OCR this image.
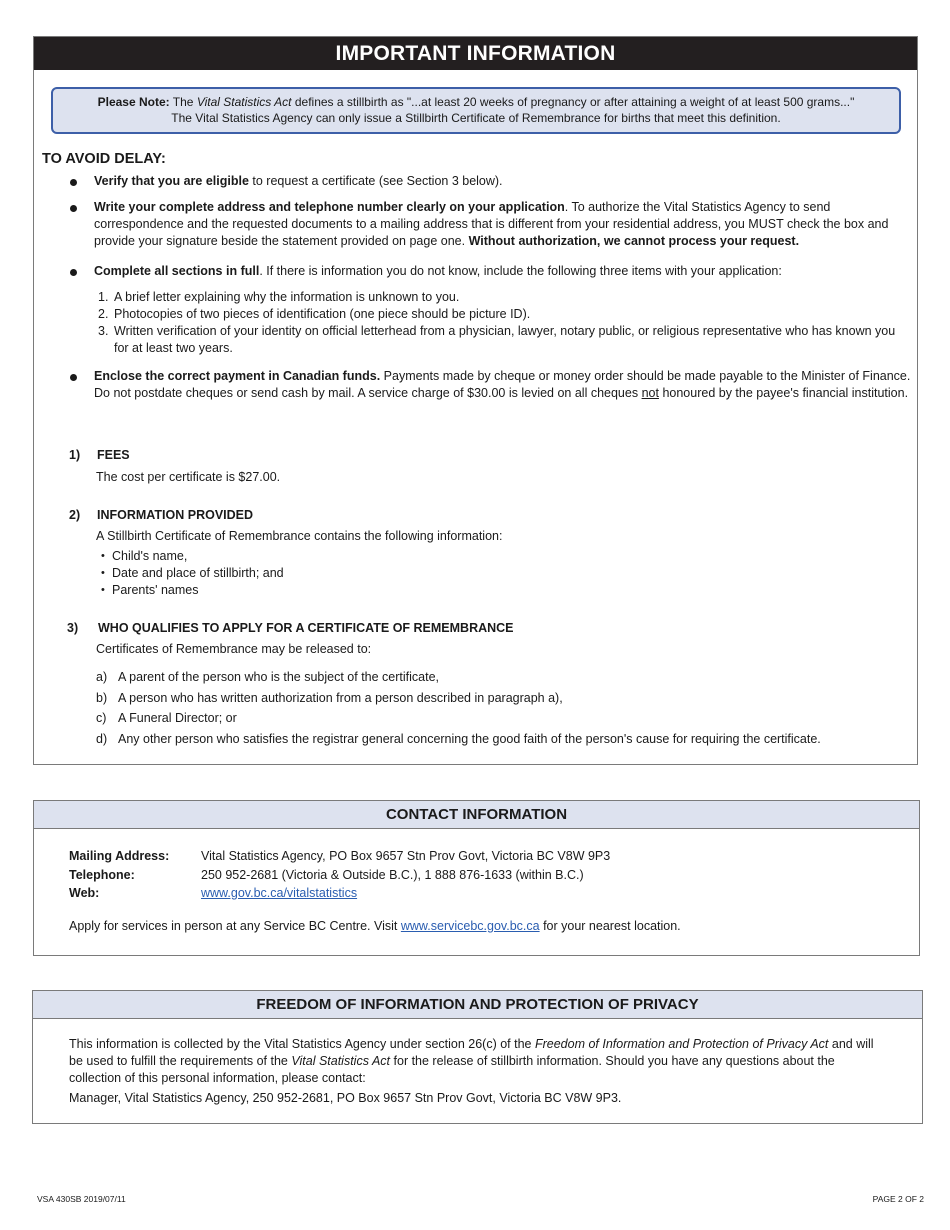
IMPORTANT INFORMATION
Please Note: The Vital Statistics Act defines a stillbirth as "...at least 20 weeks of pregnancy or after attaining a weight of at least 500 grams..."
The Vital Statistics Agency can only issue a Stillbirth Certificate of Remembrance for births that meet this definition.
TO AVOID DELAY:
Verify that you are eligible to request a certificate (see Section 3 below).
Write your complete address and telephone number clearly on your application. To authorize the Vital Statistics Agency to send correspondence and the requested documents to a mailing address that is different from your residential address, you MUST check the box and provide your signature beside the statement provided on page one. Without authorization, we cannot process your request.
Complete all sections in full. If there is information you do not know, include the following three items with your application:
1. A brief letter explaining why the information is unknown to you.
2. Photocopies of two pieces of identification (one piece should be picture ID).
3. Written verification of your identity on official letterhead from a physician, lawyer, notary public, or religious representative who has known you for at least two years.
Enclose the correct payment in Canadian funds. Payments made by cheque or money order should be made payable to the Minister of Finance. Do not postdate cheques or send cash by mail. A service charge of $30.00 is levied on all cheques not honoured by the payee's financial institution.
1) FEES
The cost per certificate is $27.00.
2) INFORMATION PROVIDED
A Stillbirth Certificate of Remembrance contains the following information:
• Child's name,
• Date and place of stillbirth; and
• Parents' names
3) WHO QUALIFIES TO APPLY FOR A CERTIFICATE OF REMEMBRANCE
Certificates of Remembrance may be released to:
a) A parent of the person who is the subject of the certificate,
b) A person who has written authorization from a person described in paragraph a),
c) A Funeral Director; or
d) Any other person who satisfies the registrar general concerning the good faith of the person's cause for requiring the certificate.
CONTACT INFORMATION
Mailing Address:	Vital Statistics Agency, PO Box 9657 Stn Prov Govt, Victoria BC V8W 9P3
Telephone:	250 952-2681 (Victoria & Outside B.C.), 1 888 876-1633 (within B.C.)
Web:	www.gov.bc.ca/vitalstatistics
Apply for services in person at any Service BC Centre. Visit www.servicebc.gov.bc.ca for your nearest location.
FREEDOM OF INFORMATION AND PROTECTION OF PRIVACY
This information is collected by the Vital Statistics Agency under section 26(c) of the Freedom of Information and Protection of Privacy Act and will be used to fulfill the requirements of the Vital Statistics Act for the release of stillbirth information. Should you have any questions about the collection of this personal information, please contact:
Manager, Vital Statistics Agency, 250 952-2681, PO Box 9657 Stn Prov Govt, Victoria BC V8W 9P3.
VSA 430SB 2019/07/11	PAGE 2 OF 2
